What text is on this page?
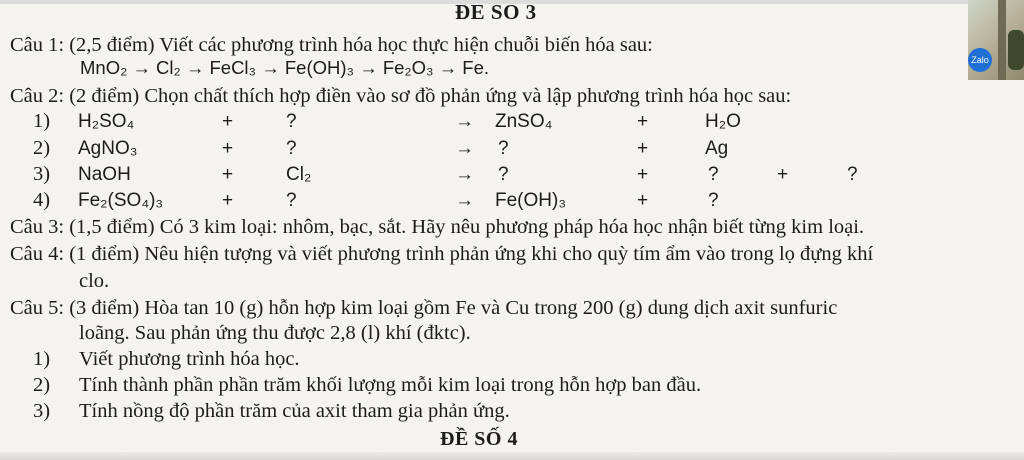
Zalo
ĐE SO 3
Câu 1: (2,5 điểm) Viết các phương trình hóa học thực hiện chuỗi biến hóa sau:
MnO₂ → Cl₂ → FeCl₃ → Fe(OH)₃ → Fe₂O₃ → Fe.
Câu 2: (2 điểm) Chọn chất thích hợp điền vào sơ đồ phản ứng và lập phương trình hóa học sau:
1) H₂SO₄	+	?	→ ZnSO₄	+	H₂O
2) AgNO₃	+	?	→ ?	+	Ag
3) NaOH	+	Cl₂	→ ?	+	?	+	?
4) Fe₂(SO₄)₃	+	?	→ Fe(OH)₃	+	?
Câu 3: (1,5 điểm) Có 3 kim loại: nhôm, bạc, sắt. Hãy nêu phương pháp hóa học nhận biết từng kim loại.
Câu 4: (1 điểm) Nêu hiện tượng và viết phương trình phản ứng khi cho quỳ tím ẩm vào trong lọ đựng khí
clo.
Câu 5: (3 điểm) Hòa tan 10 (g) hỗn hợp kim loại gồm Fe và Cu trong 200 (g) dung dịch axit sunfuric
loãng. Sau phản ứng thu được 2,8 (l) khí (đktc).
1) Viết phương trình hóa học.
2) Tính thành phần phần trăm khối lượng mỗi kim loại trong hỗn hợp ban đầu.
3) Tính nồng độ phần trăm của axit tham gia phản ứng.
ĐỀ SỐ 4
